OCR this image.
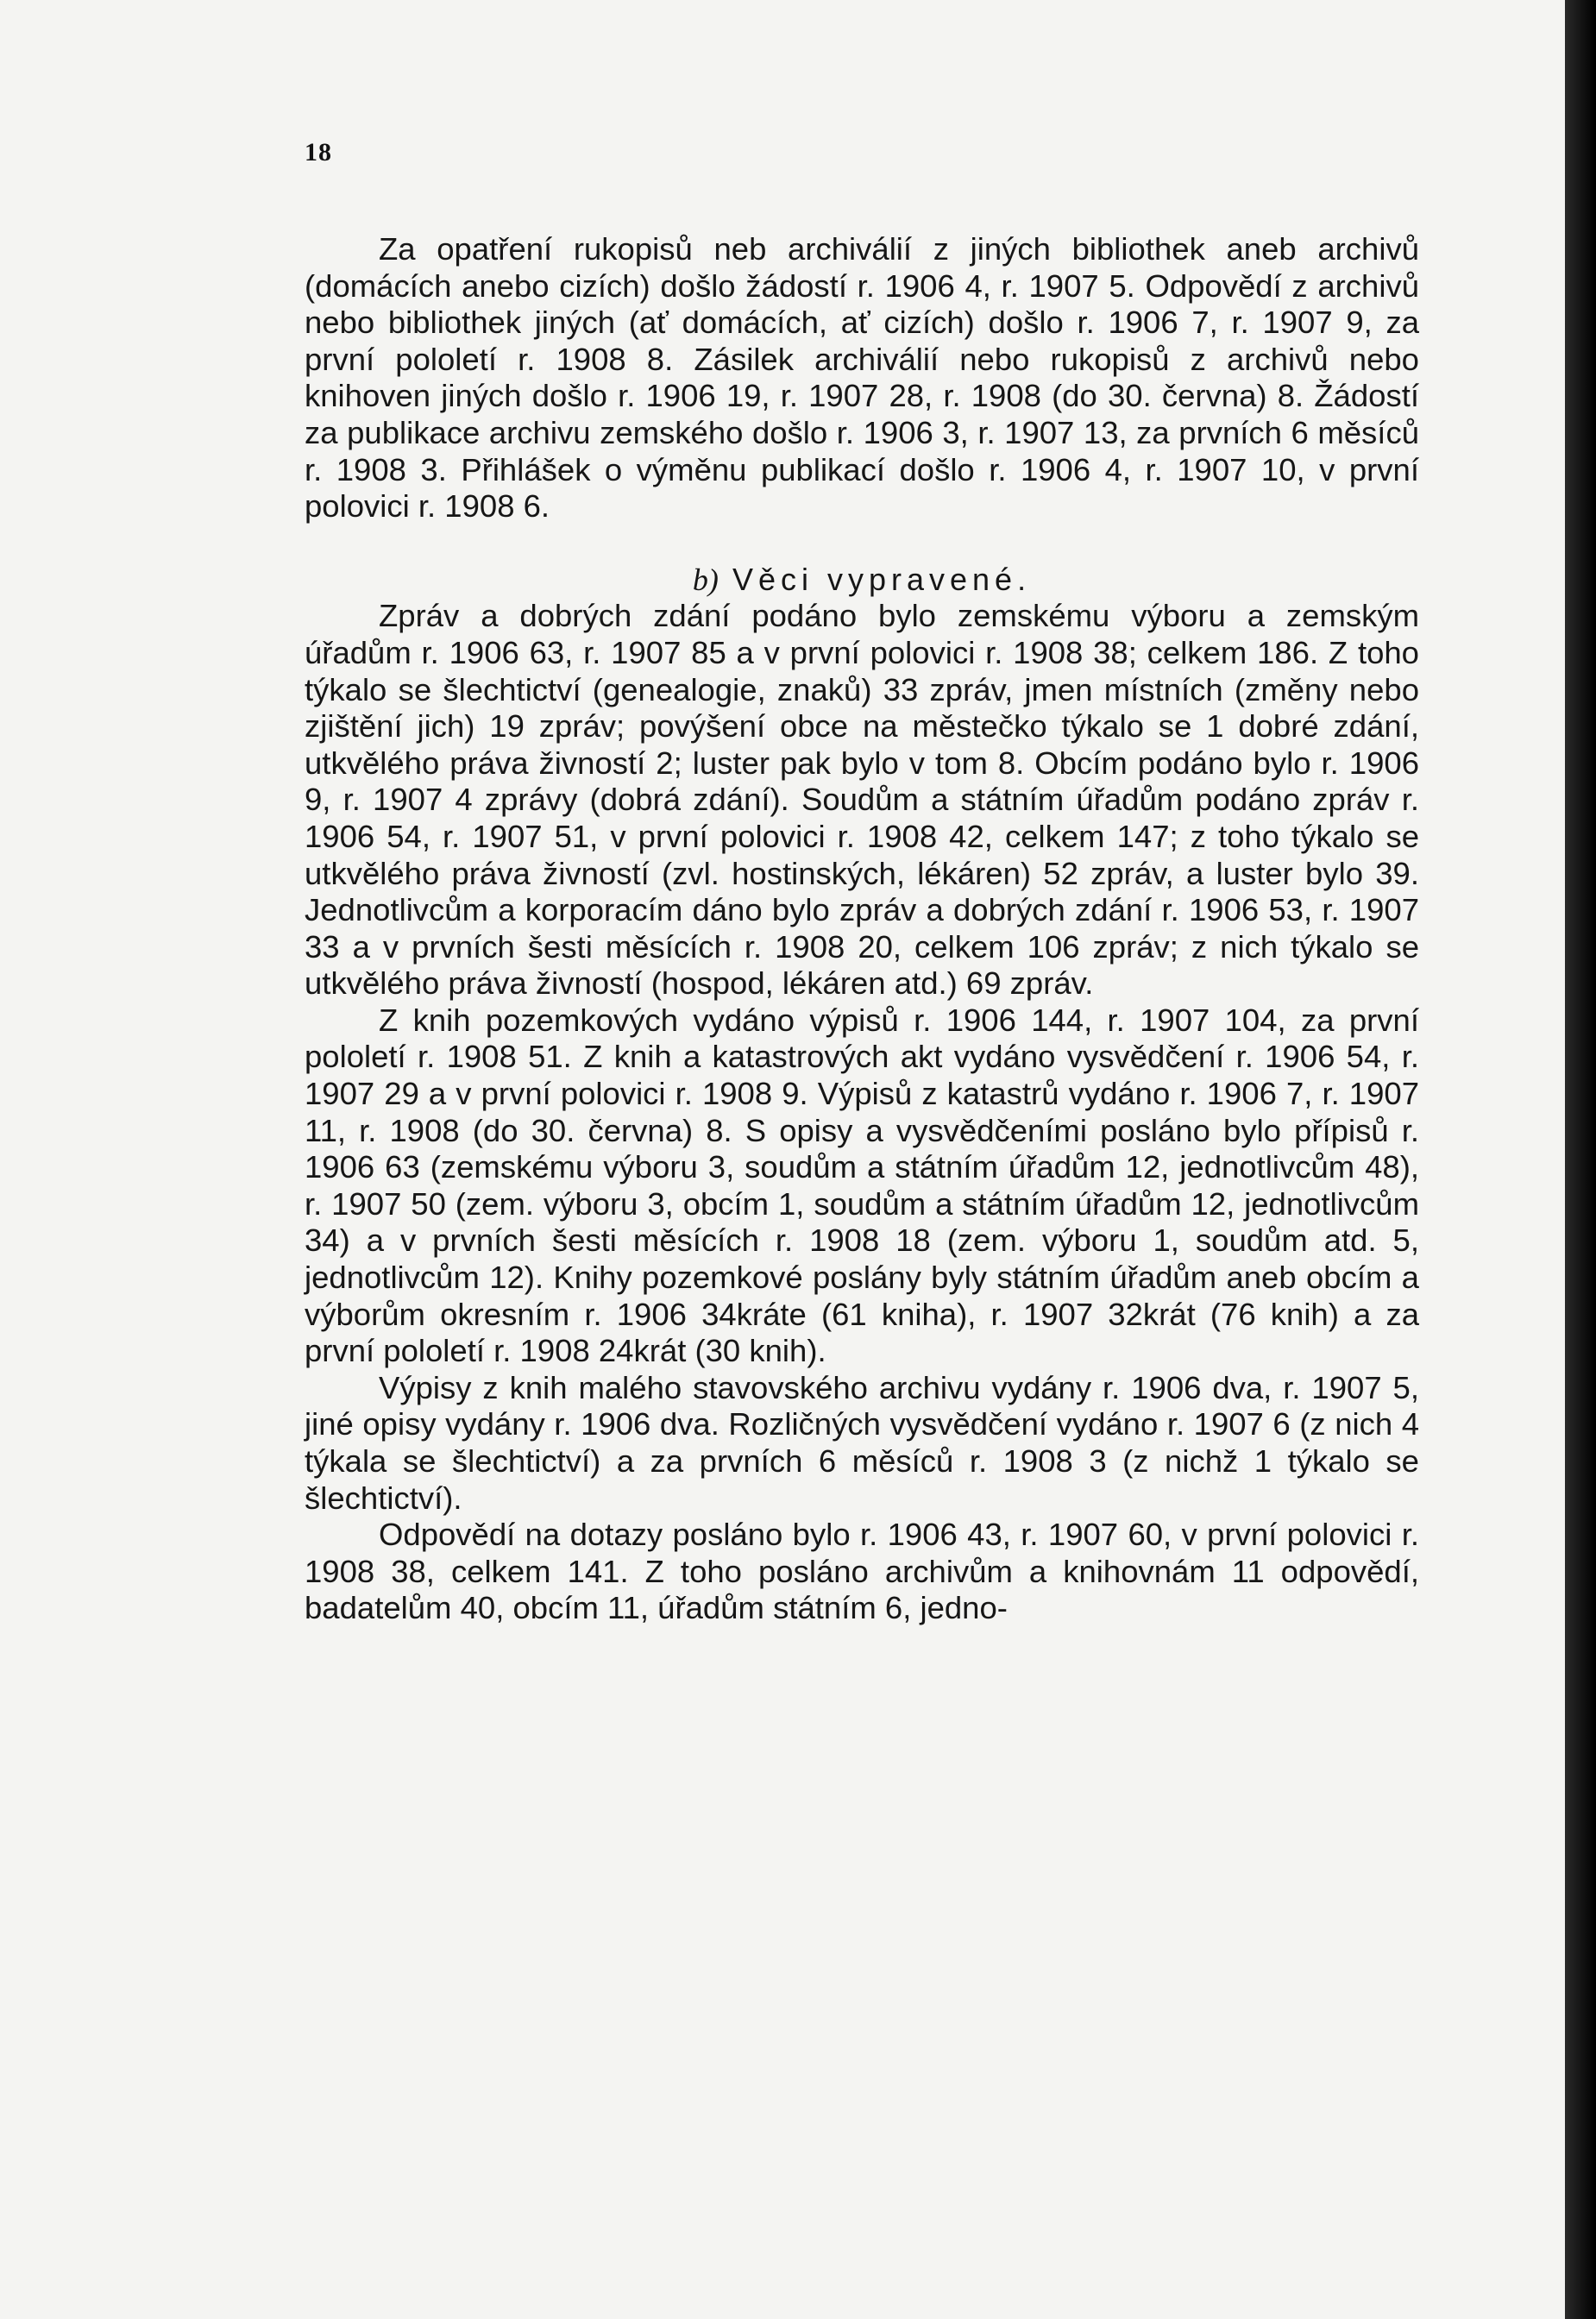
18

Za opatření rukopisů neb archiválií z jiných bibliothek aneb archivů (domácích anebo cizích) došlo žádostí r. 1906 4, r. 1907 5. Odpovědí z archivů nebo bibliothek jiných (ať domácích, ať cizích) došlo r. 1906 7, r. 1907 9, za první pololetí r. 1908 8. Zásilek archiválií nebo rukopisů z archivů nebo knihoven jiných došlo r. 1906 19, r. 1907 28, r. 1908 (do 30. června) 8. Žádostí za publikace archivu zemského došlo r. 1906 3, r. 1907 13, za prvních 6 měsíců r. 1908 3. Přihlášek o výměnu publikací došlo r. 1906 4, r. 1907 10, v první polovici r. 1908 6.

b) Věci vypravené.

Zpráv a dobrých zdání podáno bylo zemskému výboru a zemským úřadům r. 1906 63, r. 1907 85 a v první polovici r. 1908 38; celkem 186. Z toho týkalo se šlechtictví (genealogie, znaků) 33 zpráv, jmen místních (změny nebo zjištění jich) 19 zpráv; povýšení obce na městečko týkalo se 1 dobré zdání, utkvělého práva živností 2; luster pak bylo v tom 8. Obcím podáno bylo r. 1906 9, r. 1907 4 zprávy (dobrá zdání). Soudům a státním úřadům podáno zpráv r. 1906 54, r. 1907 51, v první polovici r. 1908 42, celkem 147; z toho týkalo se utkvělého práva živností (zvl. hostinských, lékáren) 52 zpráv, a luster bylo 39. Jednotlivcům a korporacím dáno bylo zpráv a dobrých zdání r. 1906 53, r. 1907 33 a v prvních šesti měsících r. 1908 20, celkem 106 zpráv; z nich týkalo se utkvělého práva živností (hospod, lékáren atd.) 69 zpráv.

Z knih pozemkových vydáno výpisů r. 1906 144, r. 1907 104, za první pololetí r. 1908 51. Z knih a katastrových akt vydáno vysvědčení r. 1906 54, r. 1907 29 a v první polovici r. 1908 9. Výpisů z katastrů vydáno r. 1906 7, r. 1907 11, r. 1908 (do 30. června) 8. S opisy a vysvědčeními posláno bylo přípisů r. 1906 63 (zemskému výboru 3, soudům a státním úřadům 12, jednotlivcům 48), r. 1907 50 (zem. výboru 3, obcím 1, soudům a státním úřadům 12, jednotlivcům 34) a v prvních šesti měsících r. 1908 18 (zem. výboru 1, soudům atd. 5, jednotlivcům 12). Knihy pozemkové poslány byly státním úřadům aneb obcím a výborům okresním r. 1906 34kráte (61 kniha), r. 1907 32krát (76 knih) a za první pololetí r. 1908 24krát (30 knih).

Výpisy z knih malého stavovského archivu vydány r. 1906 dva, r. 1907 5, jiné opisy vydány r. 1906 dva. Rozličných vysvědčení vydáno r. 1907 6 (z nich 4 týkala se šlechtictví) a za prvních 6 měsíců r. 1908 3 (z nichž 1 týkalo se šlechtictví).

Odpovědí na dotazy posláno bylo r. 1906 43, r. 1907 60, v první polovici r. 1908 38, celkem 141. Z toho posláno archivům a knihovnám 11 odpovědí, badatelům 40, obcím 11, úřadům státním 6, jedno-
